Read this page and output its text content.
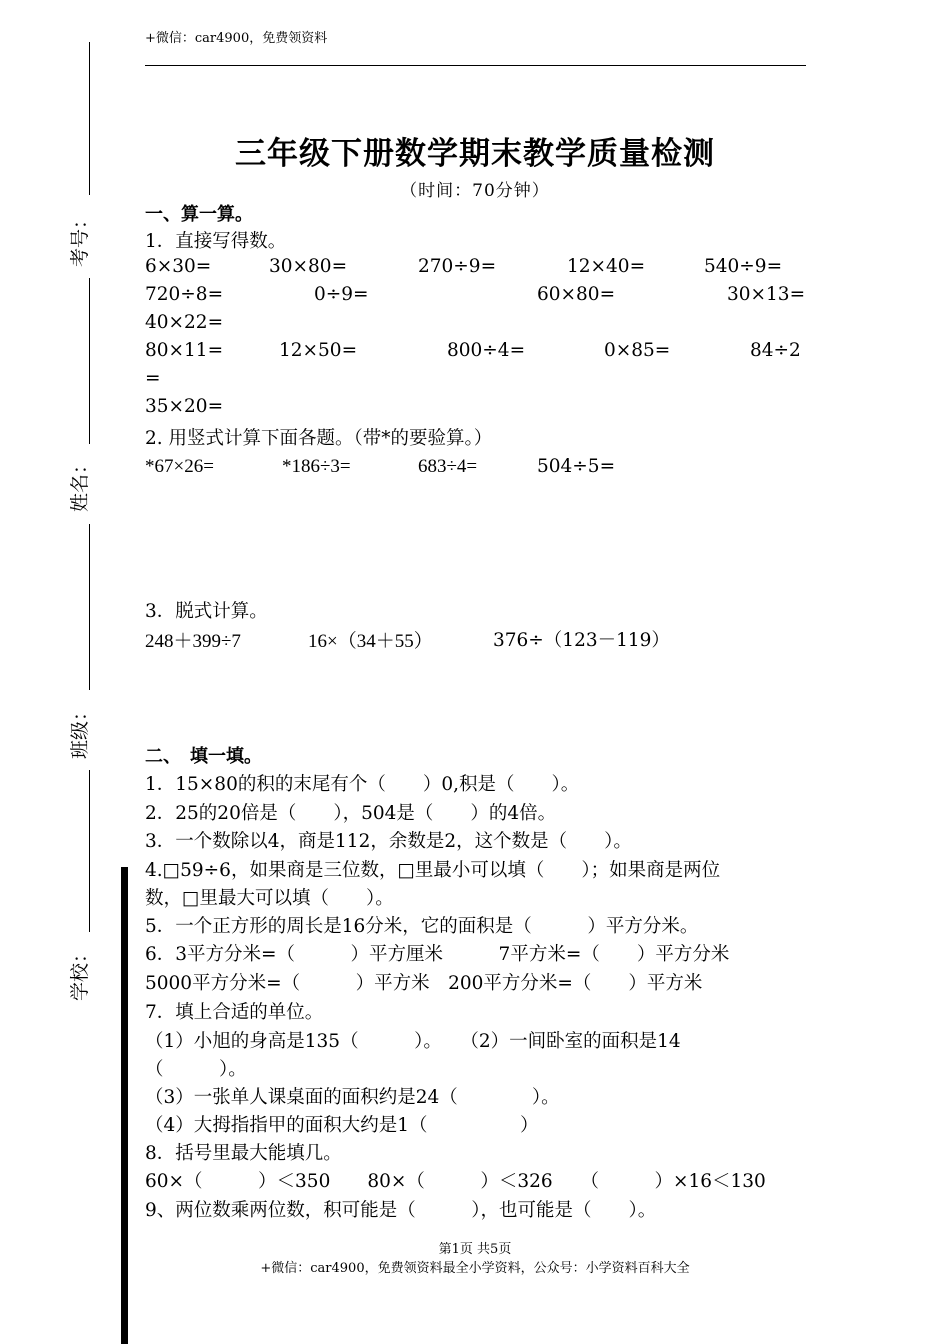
+微信：car4900，免费领资料
考号：
姓名：
班级：
学校：
三年级下册数学期末教学质量检测
（时间：70分钟）
一、算一算。
1．直接写得数。
6×30=	30×80=	270÷9=	12×40=	540÷9=
720÷8=	0÷9=	60×80=	30×13=
40×22=
80×11=	12×50=	800÷4=	0×85=	84÷2
=
35×20=
2. 用竖式计算下面各题。（带*的要验算。）
*67×26=	*186÷3=	683÷4=	504÷5=
3．脱式计算。
248＋399÷7	16×（34＋55）	376÷（123－119）
二、　填一填。
1．15×80的积的末尾有个（　　）0,积是（　　）。
2．25的20倍是（　　），504是（　　）的4倍。
3．一个数除以4，商是112，余数是2，这个数是（　　）。
4.□59÷6，如果商是三位数，□里最小可以填（　　）；如果商是两位
数，□里最大可以填（　　）。
5．一个正方形的周长是16分米，它的面积是（　　　）平方分米。
6．3平方分米=（　　　）平方厘米　　　7平方米=（　　）平方分米
5000平方分米=（　　　）平方米　200平方分米=（　　）平方米
7．填上合适的单位。
（1）小旭的身高是135（　　　）。　　（2）一间卧室的面积是14
（　　　）。
（3）一张单人课桌面的面积约是24（　　　　）。
（4）大拇指指甲的面积大约是1（　　　　　）
8．括号里最大能填几。
60×（　　　）＜350　　80×（　　　）＜326　　（　　　）×16＜130
9、两位数乘两位数，积可能是（　　　），也可能是（　　）。
第1页 共5页
+微信：car4900，免费领资料最全小学资料，公众号：小学资料百科大全
